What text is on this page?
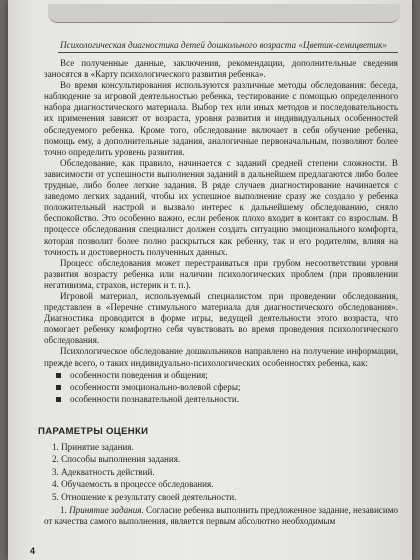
Психологическая диагностика детей дошкольного возраста «Цветик-семицветик»

Все полученные данные, заключения, рекомендации, дополнительные сведения заносятся в «Карту психологического развития ребенка».

Во время консультирования используются различные методы обследования: беседа, наблюдение за игровой деятельностью ребенка, тестирование с помощью определенного набора диагностического материала. Выбор тех или иных методов и последовательность их применения зависят от возраста, уровня развития и индивидуальных особенностей обследуемого ребенка. Кроме того, обследование включает в себя обучение ребенка, помощь ему, а дополнительные задания, аналогичные первоначальным, позволяют более точно определить уровень развития.

Обследование, как правило, начинается с заданий средней степени сложности. В зависимости от успешности выполнения заданий в дальнейшем предлагаются либо более трудные, либо более легкие задания. В ряде случаев диагностирование начинается с заведомо легких заданий, чтобы их успешное выполнение сразу же создало у ребенка положительный настрой и вызвало интерес к дальнейшему обследованию, сняло беспокойство. Это особенно важно, если ребенок плохо входит в контакт со взрослым. В процессе обследования специалист должен создать ситуацию эмоционального комфорта, которая позволит более полно раскрыться как ребенку, так и его родителям, влияя на точность и достоверность полученных данных.

Процесс обследования может перестраиваться при грубом несоответствии уровня развития возрасту ребенка или наличии психологических проблем (при проявлении негативизма, страхов, истерик и т. п.).

Игровой материал, используемый специалистом при проведении обследования, представлен в «Перечне стимульного материала для диагностического обследования». Диагностика проводится в форме игры, ведущей деятельности этого возраста, что помогает ребенку комфортно себя чувствовать во время проведения психологического обследования.

Психологическое обследование дошкольников направлено на получение информации, прежде всего, о таких индивидуально-психологических особенностях ребенка, как:

особенности поведения и общения;
особенности эмоционально-волевой сферы;
особенности познавательной деятельности.
ПАРАМЕТРЫ ОЦЕНКИ
1. Принятие задания.
2. Способы выполнения задания.
3. Адекватность действий.
4. Обучаемость в процессе обследования.
5. Отношение к результату своей деятельности.

1. Принятие задания. Согласие ребенка выполнить предложенное задание, независимо от качества самого выполнения, является первым абсолютно необходимым

4
